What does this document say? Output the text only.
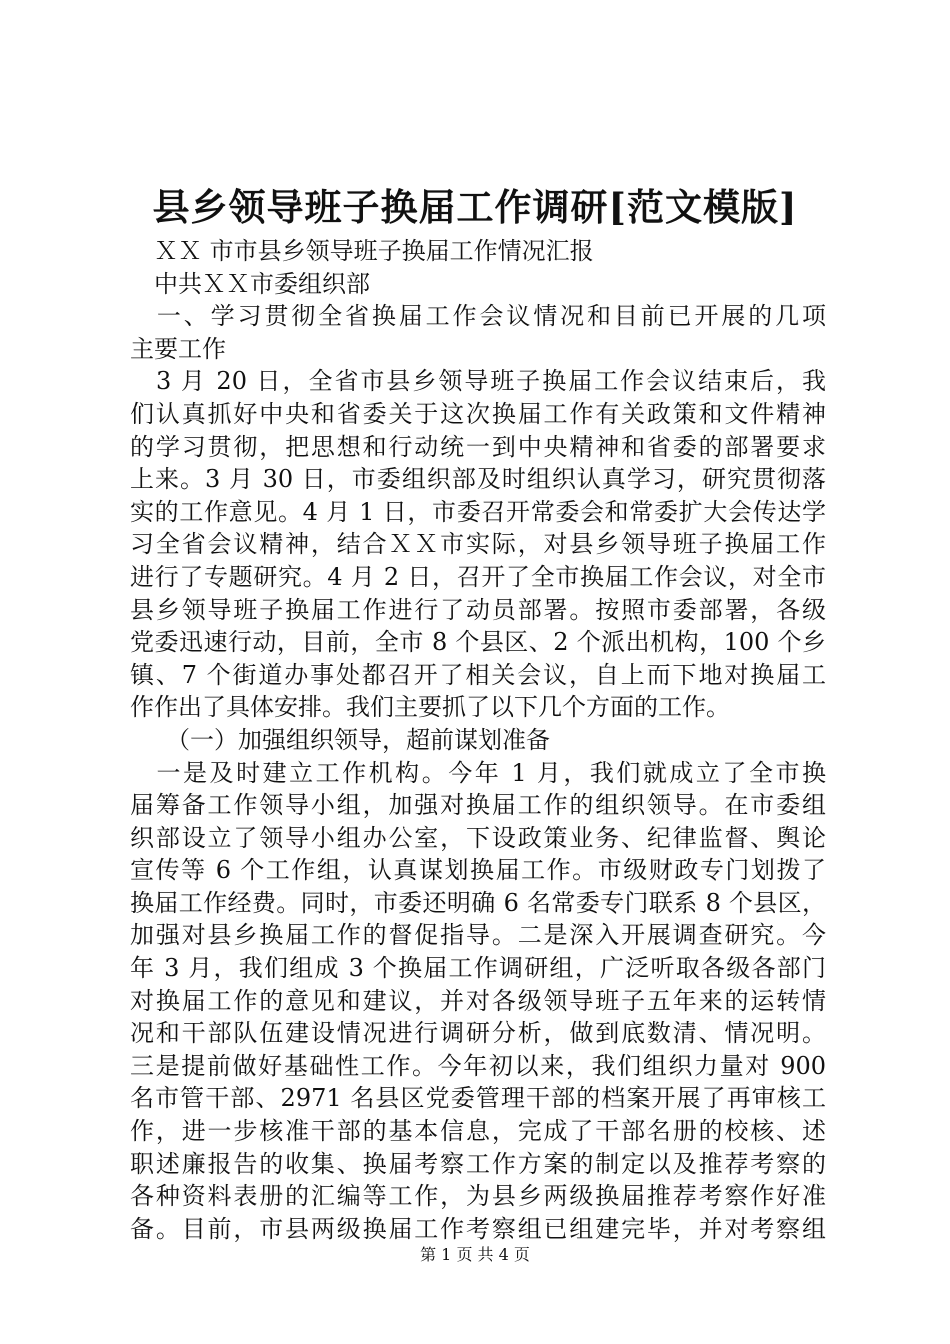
县乡领导班子换届工作调研[范文模版]
　ＸＸ 市市县乡领导班子换届工作情况汇报
　中共ＸＸ市委组织部
　一、学习贯彻全省换届工作会议情况和目前已开展的几项
主要工作
　3 月 20 日，全省市县乡领导班子换届工作会议结束后，我
们认真抓好中央和省委关于这次换届工作有关政策和文件精神
的学习贯彻，把思想和行动统一到中央精神和省委的部署要求
上来。3 月 30 日，市委组织部及时组织认真学习，研究贯彻落
实的工作意见。4 月 1 日，市委召开常委会和常委扩大会传达学
习全省会议精神，结合ＸＸ市实际，对县乡领导班子换届工作
进行了专题研究。4 月 2 日，召开了全市换届工作会议，对全市
县乡领导班子换届工作进行了动员部署。按照市委部署，各级
党委迅速行动，目前，全市 8 个县区、2 个派出机构，100 个乡
镇、7 个街道办事处都召开了相关会议，自上而下地对换届工
作作出了具体安排。我们主要抓了以下几个方面的工作。
　　（一）加强组织领导，超前谋划准备
　一是及时建立工作机构。今年 1 月，我们就成立了全市换
届筹备工作领导小组，加强对换届工作的组织领导。在市委组
织部设立了领导小组办公室，下设政策业务、纪律监督、舆论
宣传等 6 个工作组，认真谋划换届工作。市级财政专门划拨了
换届工作经费。同时，市委还明确 6 名常委专门联系 8 个县区，
加强对县乡换届工作的督促指导。二是深入开展调查研究。今
年 3 月，我们组成 3 个换届工作调研组，广泛听取各级各部门
对换届工作的意见和建议，并对各级领导班子五年来的运转情
况和干部队伍建设情况进行调研分析，做到底数清、情况明。
三是提前做好基础性工作。今年初以来，我们组织力量对 900
名市管干部、2971 名县区党委管理干部的档案开展了再审核工
作，进一步核准干部的基本信息，完成了干部名册的校核、述
职述廉报告的收集、换届考察工作方案的制定以及推荐考察的
各种资料表册的汇编等工作，为县乡两级换届推荐考察作好准
备。目前，市县两级换届工作考察组已组建完毕，并对考察组
第 1 页 共 4 页
